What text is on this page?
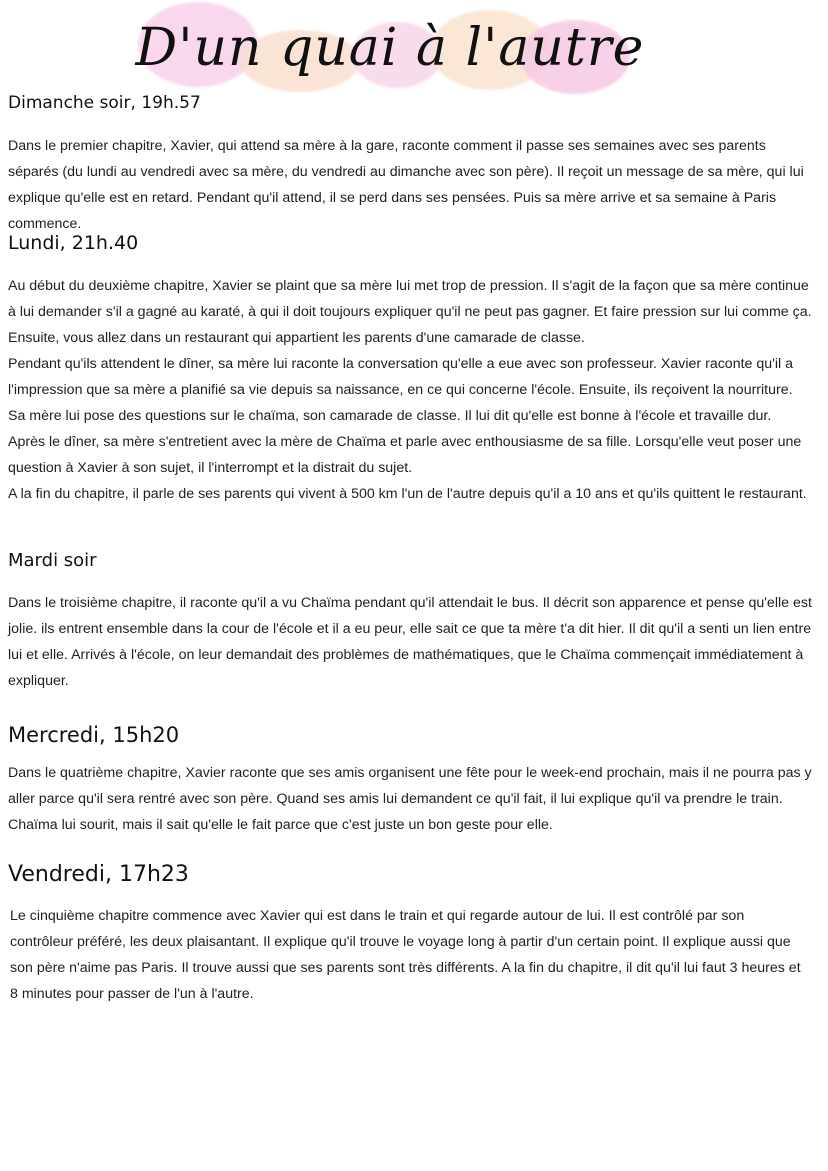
D'un quai à l'autre
Dimanche soir, 19h.57

Dans le premier chapitre, Xavier, qui attend sa mère à la gare, raconte comment il passe ses semaines avec ses parents séparés (du lundi au vendredi avec sa mère, du vendredi au dimanche avec son père). Il reçoit un message de sa mère, qui lui explique qu'elle est en retard. Pendant qu'il attend, il se perd dans ses pensées. Puis sa mère arrive et sa semaine à Paris commence.

Lundi, 21h.40

Au début du deuxième chapitre, Xavier se plaint que sa mère lui met trop de pression. Il s'agit de la façon que sa mère continue à lui demander s'il a gagné au karaté, à qui il doit toujours expliquer qu'il ne peut pas gagner. Et faire pression sur lui comme ça. Ensuite, vous allez dans un restaurant qui appartient les parents d'une camarade de classe.

Pendant qu'ils attendent le dîner, sa mère lui raconte la conversation qu'elle a eue avec son professeur. Xavier raconte qu'il a l'impression que sa mère a planifié sa vie depuis sa naissance, en ce qui concerne l'école. Ensuite, ils reçoivent la nourriture. Sa mère lui pose des questions sur le chaïma, son camarade de classe. Il lui dit qu'elle est bonne à l'école et travaille dur.

Après le dîner, sa mère s'entretient avec la mère de Chaïma et parle avec enthousiasme de sa fille. Lorsqu'elle veut poser une question à Xavier à son sujet, il l'interrompt et la distrait du sujet.

A la fin du chapitre, il parle de ses parents qui vivent à 500 km l'un de l'autre depuis qu'il a 10 ans et qu'ils quittent le restaurant.

Mardi soir

Dans le troisième chapitre, il raconte qu'il a vu Chaïma pendant qu'il attendait le bus. Il décrit son apparence et pense qu'elle est jolie. ils entrent ensemble dans la cour de l'école et il a eu peur, elle sait ce que ta mère t'a dit hier. Il dit qu'il a senti un lien entre lui et elle. Arrivés à l'école, on leur demandait des problèmes de mathématiques, que le Chaïma commençait immédiatement à expliquer.

Mercredi, 15h20

Dans le quatrième chapitre, Xavier raconte que ses amis organisent une fête pour le week-end prochain, mais il ne pourra pas y aller parce qu'il sera rentré avec son père. Quand ses amis lui demandent ce qu'il fait, il lui explique qu'il va prendre le train. Chaïma lui sourit, mais il sait qu'elle le fait parce que c'est juste un bon geste pour elle.

Vendredi, 17h23

Le cinquième chapitre commence avec Xavier qui est dans le train et qui regarde autour de lui. Il est contrôlé par son contrôleur préféré, les deux plaisantant. Il explique qu'il trouve le voyage long à partir d'un certain point. Il explique aussi que son père n'aime pas Paris. Il trouve aussi que ses parents sont très différents. A la fin du chapitre, il dit qu'il lui faut 3 heures et 8 minutes pour passer de l'un à l'autre.
